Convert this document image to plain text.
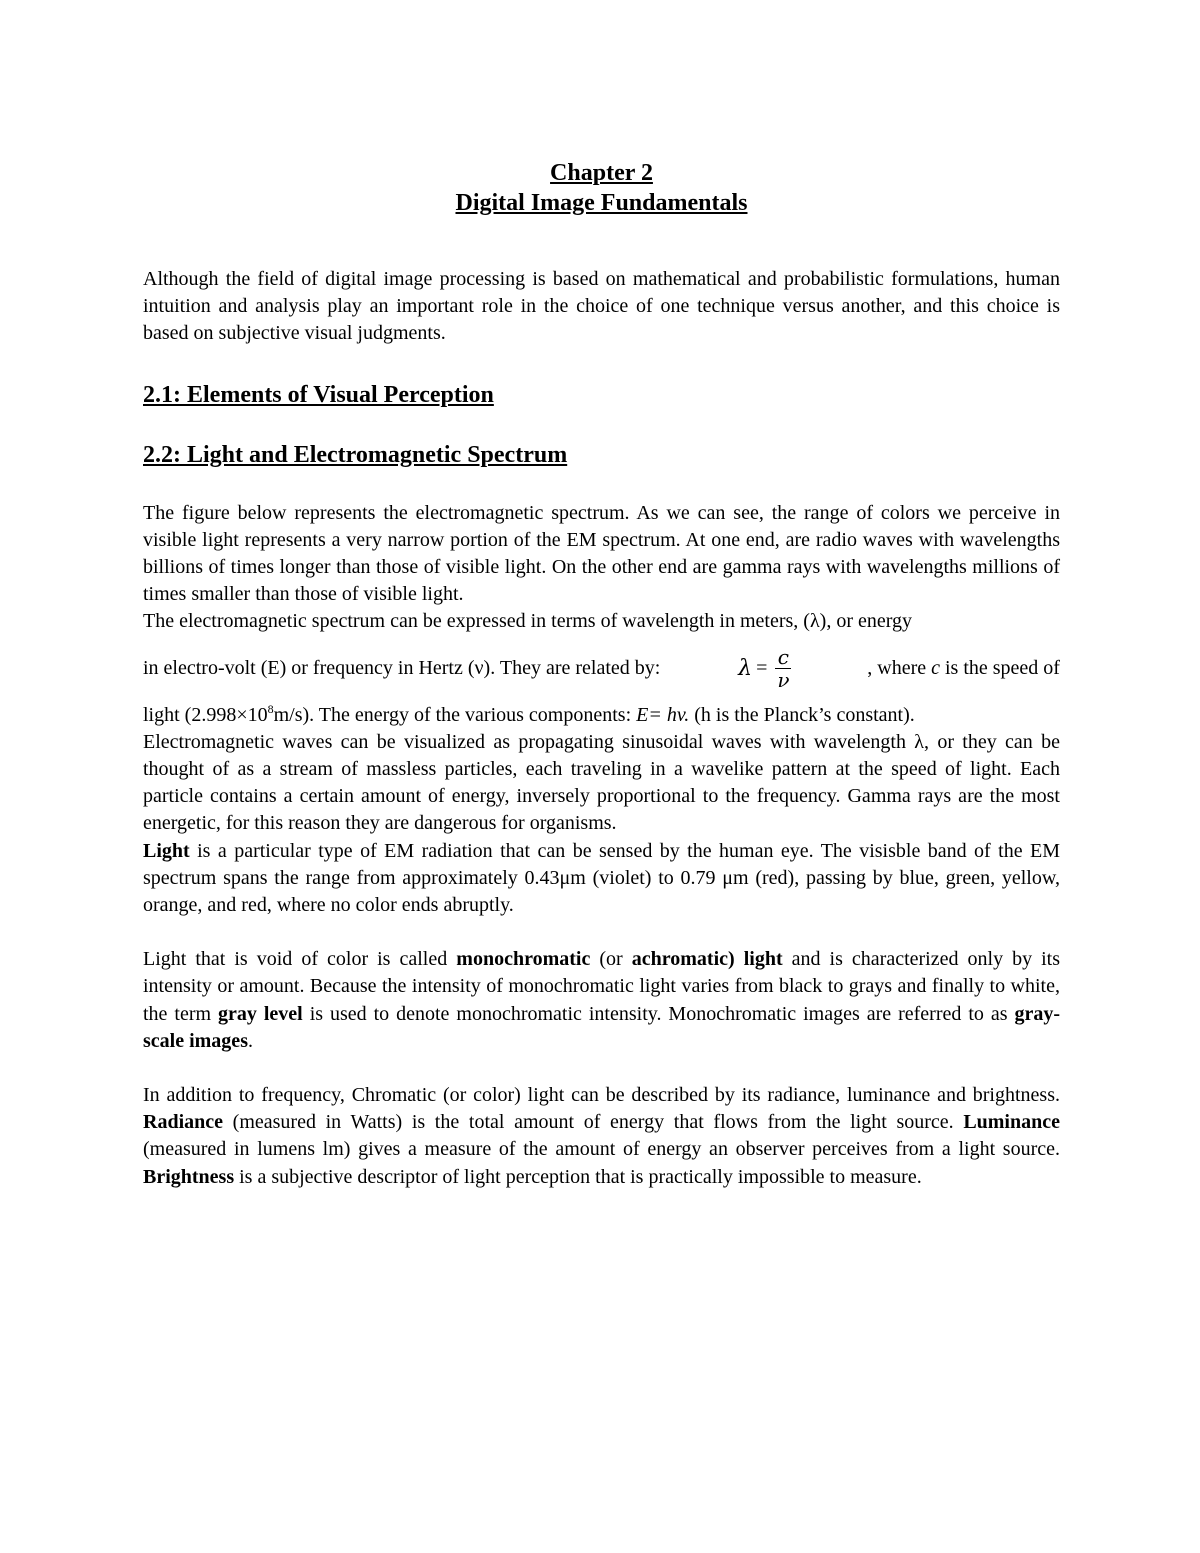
Chapter 2
Digital Image Fundamentals

Although the field of digital image processing is based on mathematical and probabilistic formulations, human intuition and analysis play an important role in the choice of one technique versus another, and this choice is based on subjective visual judgments.

2.1: Elements of Visual Perception
2.2: Light and Electromagnetic Spectrum

The figure below represents the electromagnetic spectrum. As we can see, the range of colors we perceive in visible light represents a very narrow portion of the EM spectrum. At one end, are radio waves with wavelengths billions of times longer than those of visible light. On the other end are gamma rays with wavelengths millions of times smaller than those of visible light.

The electromagnetic spectrum can be expressed in terms of wavelength in meters, (λ), or energy

in electro-volt (E) or frequency in Hertz (ν). They are related by:	$\lambda = \frac{c}{\nu}$	, where c is the speed of

light $(2.998\times 10^8m/s)$. The energy of the various components: E= hv. (h is the Planck’s constant).

Electromagnetic waves can be visualized as propagating sinusoidal waves with wavelength λ, or they can be thought of as a stream of massless particles, each traveling in a wavelike pattern at the speed of light. Each particle contains a certain amount of energy, inversely proportional to the frequency. Gamma rays are the most energetic, for this reason they are dangerous for organisms.

Light is a particular type of EM radiation that can be sensed by the human eye. The visisble band of the EM spectrum spans the range from approximately 0.43μm (violet) to 0.79 μm (red), passing by blue, green, yellow, orange, and red, where no color ends abruptly.

Light that is void of color is called monochromatic (or achromatic) light and is characterized only by its intensity or amount. Because the intensity of monochromatic light varies from black to grays and finally to white, the term gray level is used to denote monochromatic intensity. Monochromatic images are referred to as gray-scale images.

In addition to frequency, Chromatic (or color) light can be described by its radiance, luminance and brightness. Radiance (measured in Watts) is the total amount of energy that flows from the light source. Luminance (measured in lumens lm) gives a measure of the amount of energy an observer perceives from a light source. Brightness is a subjective descriptor of light perception that is practically impossible to measure.
